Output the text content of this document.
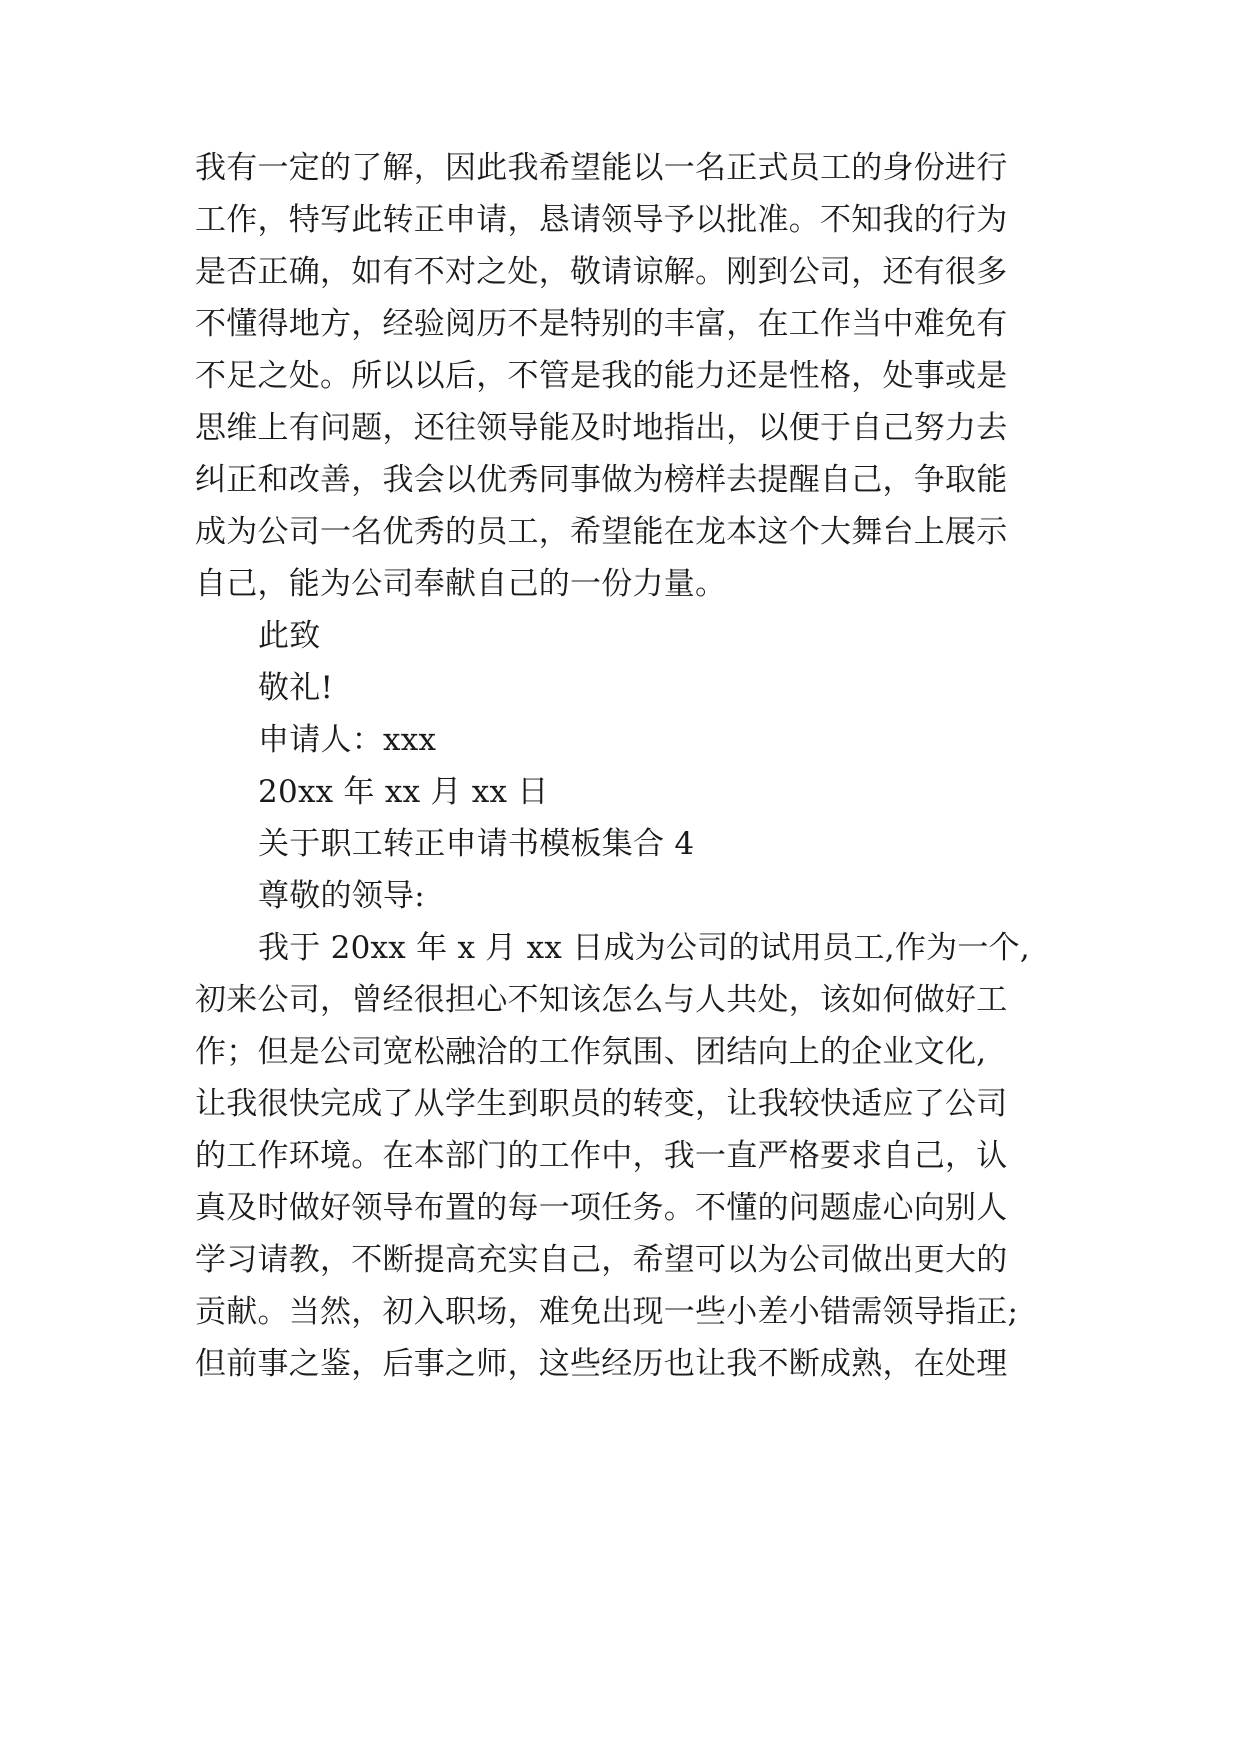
我有一定的了解，因此我希望能以一名正式员工的身份进行
工作，特写此转正申请，恳请领导予以批准。不知我的行为
是否正确，如有不对之处，敬请谅解。刚到公司，还有很多
不懂得地方，经验阅历不是特别的丰富，在工作当中难免有
不足之处。所以以后，不管是我的能力还是性格，处事或是
思维上有问题，还往领导能及时地指出，以便于自己努力去
纠正和改善，我会以优秀同事做为榜样去提醒自己，争取能
成为公司一名优秀的员工，希望能在龙本这个大舞台上展示
自己，能为公司奉献自己的一份力量。
此致
敬礼!
申请人：xxx
20xx 年 xx 月 xx 日
关于职工转正申请书模板集合 4
尊敬的领导:
我于 20xx 年 x 月 xx 日成为公司的试用员工,作为一个,
初来公司，曾经很担心不知该怎么与人共处，该如何做好工
作；但是公司宽松融洽的工作氛围、团结向上的企业文化,
让我很快完成了从学生到职员的转变，让我较快适应了公司
的工作环境。在本部门的工作中，我一直严格要求自己，认
真及时做好领导布置的每一项任务。不懂的问题虚心向别人
学习请教，不断提高充实自己，希望可以为公司做出更大的
贡献。当然，初入职场，难免出现一些小差小错需领导指正;
但前事之鉴，后事之师，这些经历也让我不断成熟，在处理
